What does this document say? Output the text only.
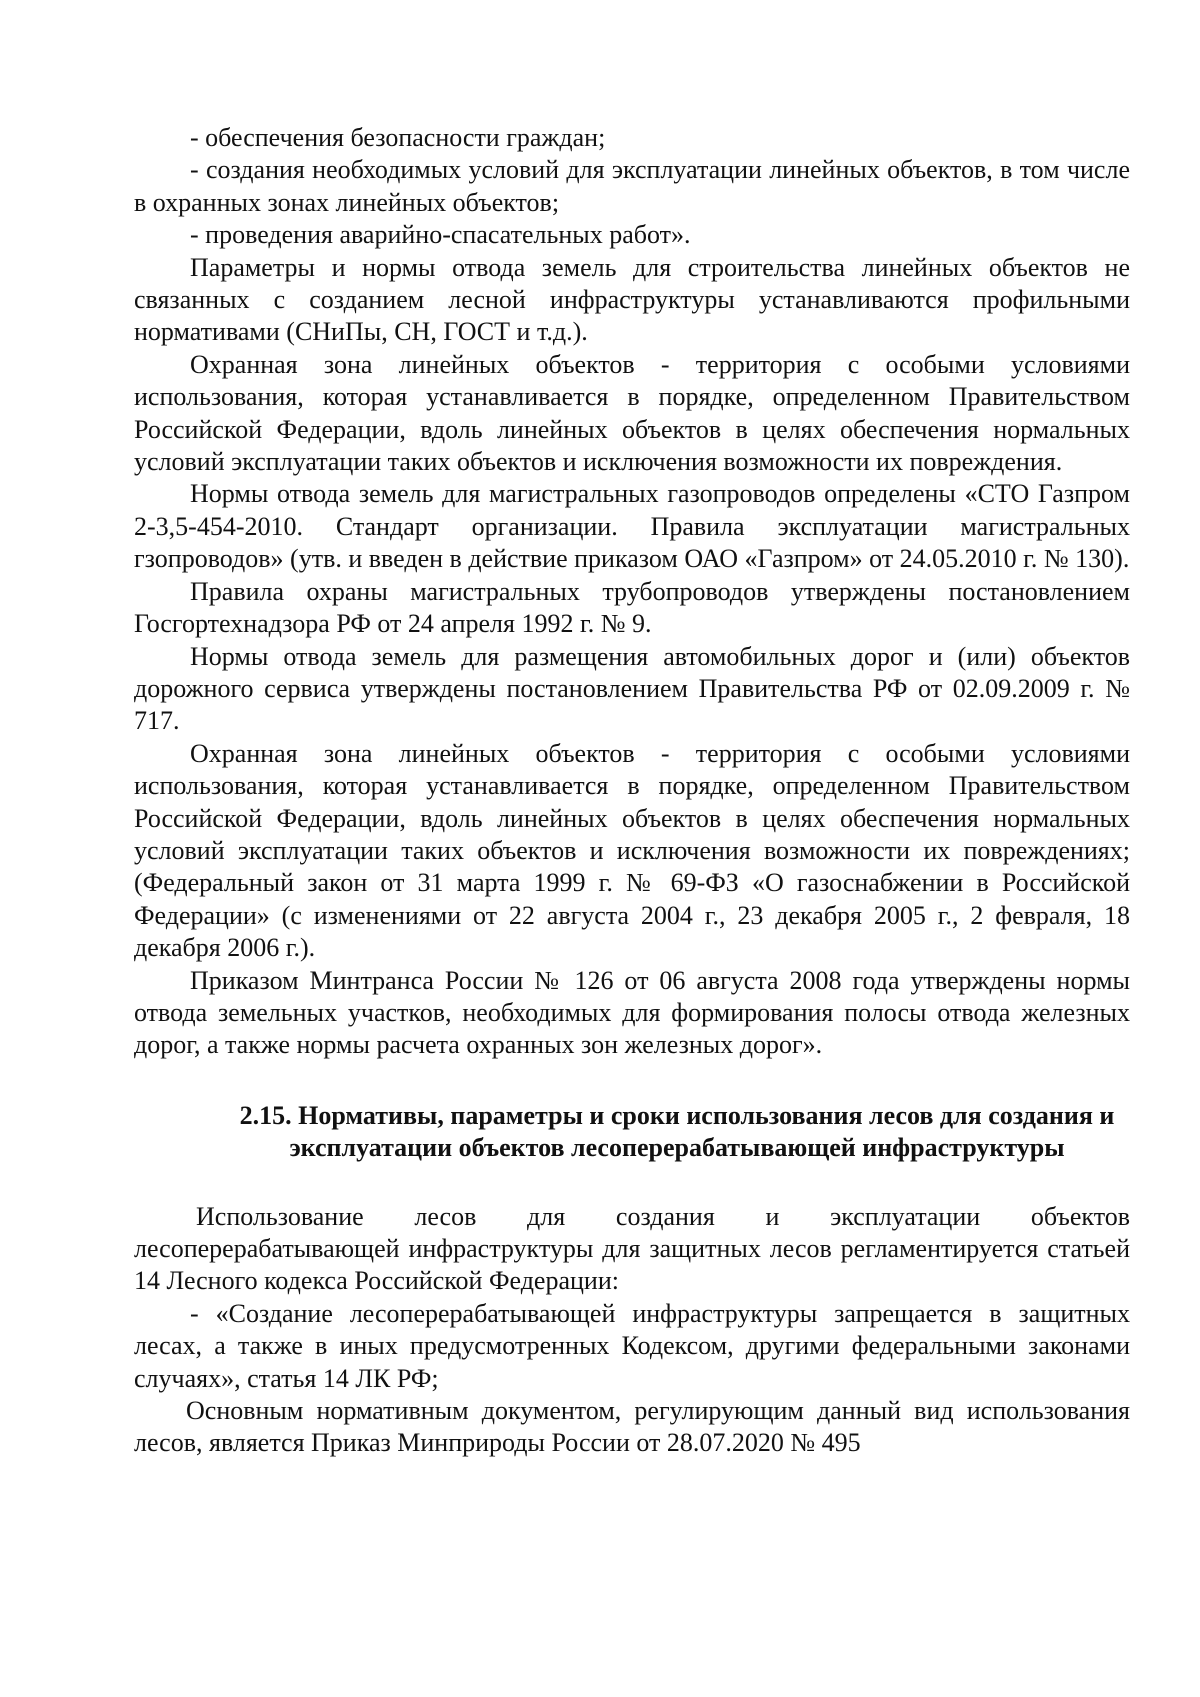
- обеспечения безопасности граждан;

- создания необходимых условий для эксплуатации линейных объектов, в том числе в охранных зонах линейных объектов;

- проведения аварийно-спасательных работ».

Параметры и нормы отвода земель для строительства линейных объектов не связанных с созданием лесной инфраструктуры устанавливаются профильными нормативами (СНиПы, СН, ГОСТ и т.д.).

Охранная зона линейных объектов - территория с особыми условиями использования, которая устанавливается в порядке, определенном Правительством Российской Федерации, вдоль линейных объектов в целях обеспечения нормальных условий эксплуатации таких объектов и исключения возможности их повреждения.

Нормы отвода земель для магистральных газопроводов определены «СТО Газпром 2-3,5-454-2010. Стандарт организации. Правила эксплуатации магистральных гзопроводов» (утв. и введен в действие приказом ОАО «Газпром» от 24.05.2010 г. № 130).

Правила охраны магистральных трубопроводов утверждены постановлением Госгортехнадзора РФ от 24 апреля 1992 г. № 9.

Нормы отвода земель для размещения автомобильных дорог и (или) объектов дорожного сервиса утверждены постановлением Правительства РФ от 02.09.2009 г. № 717.

Охранная зона линейных объектов - территория с особыми условиями использования, которая устанавливается в порядке, определенном Правительством Российской Федерации, вдоль линейных объектов в целях обеспечения нормальных условий эксплуатации таких объектов и исключения возможности их повреждениях; (Федеральный закон от 31 марта 1999 г. № 69-ФЗ «О газоснабжении в Российской Федерации» (с изменениями от 22 августа 2004 г., 23 декабря 2005 г., 2 февраля, 18 декабря 2006 г.).

Приказом Минтранса России № 126 от 06 августа 2008 года утверждены нормы отвода земельных участков, необходимых для формирования полосы отвода железных дорог, а также нормы расчета охранных зон железных дорог».

2.15. Нормативы, параметры и сроки использования лесов для создания и эксплуатации объектов лесоперерабатывающей инфраструктуры

Использование лесов для создания и эксплуатации объектов лесоперерабатывающей инфраструктуры для защитных лесов регламентируется статьей 14 Лесного кодекса Российской Федерации:

- «Создание лесоперерабатывающей инфраструктуры запрещается в защитных лесах, а также в иных предусмотренных Кодексом, другими федеральными законами случаях», статья 14 ЛК РФ;

Основным нормативным документом, регулирующим данный вид использования лесов, является Приказ Минприроды России от 28.07.2020 № 495
